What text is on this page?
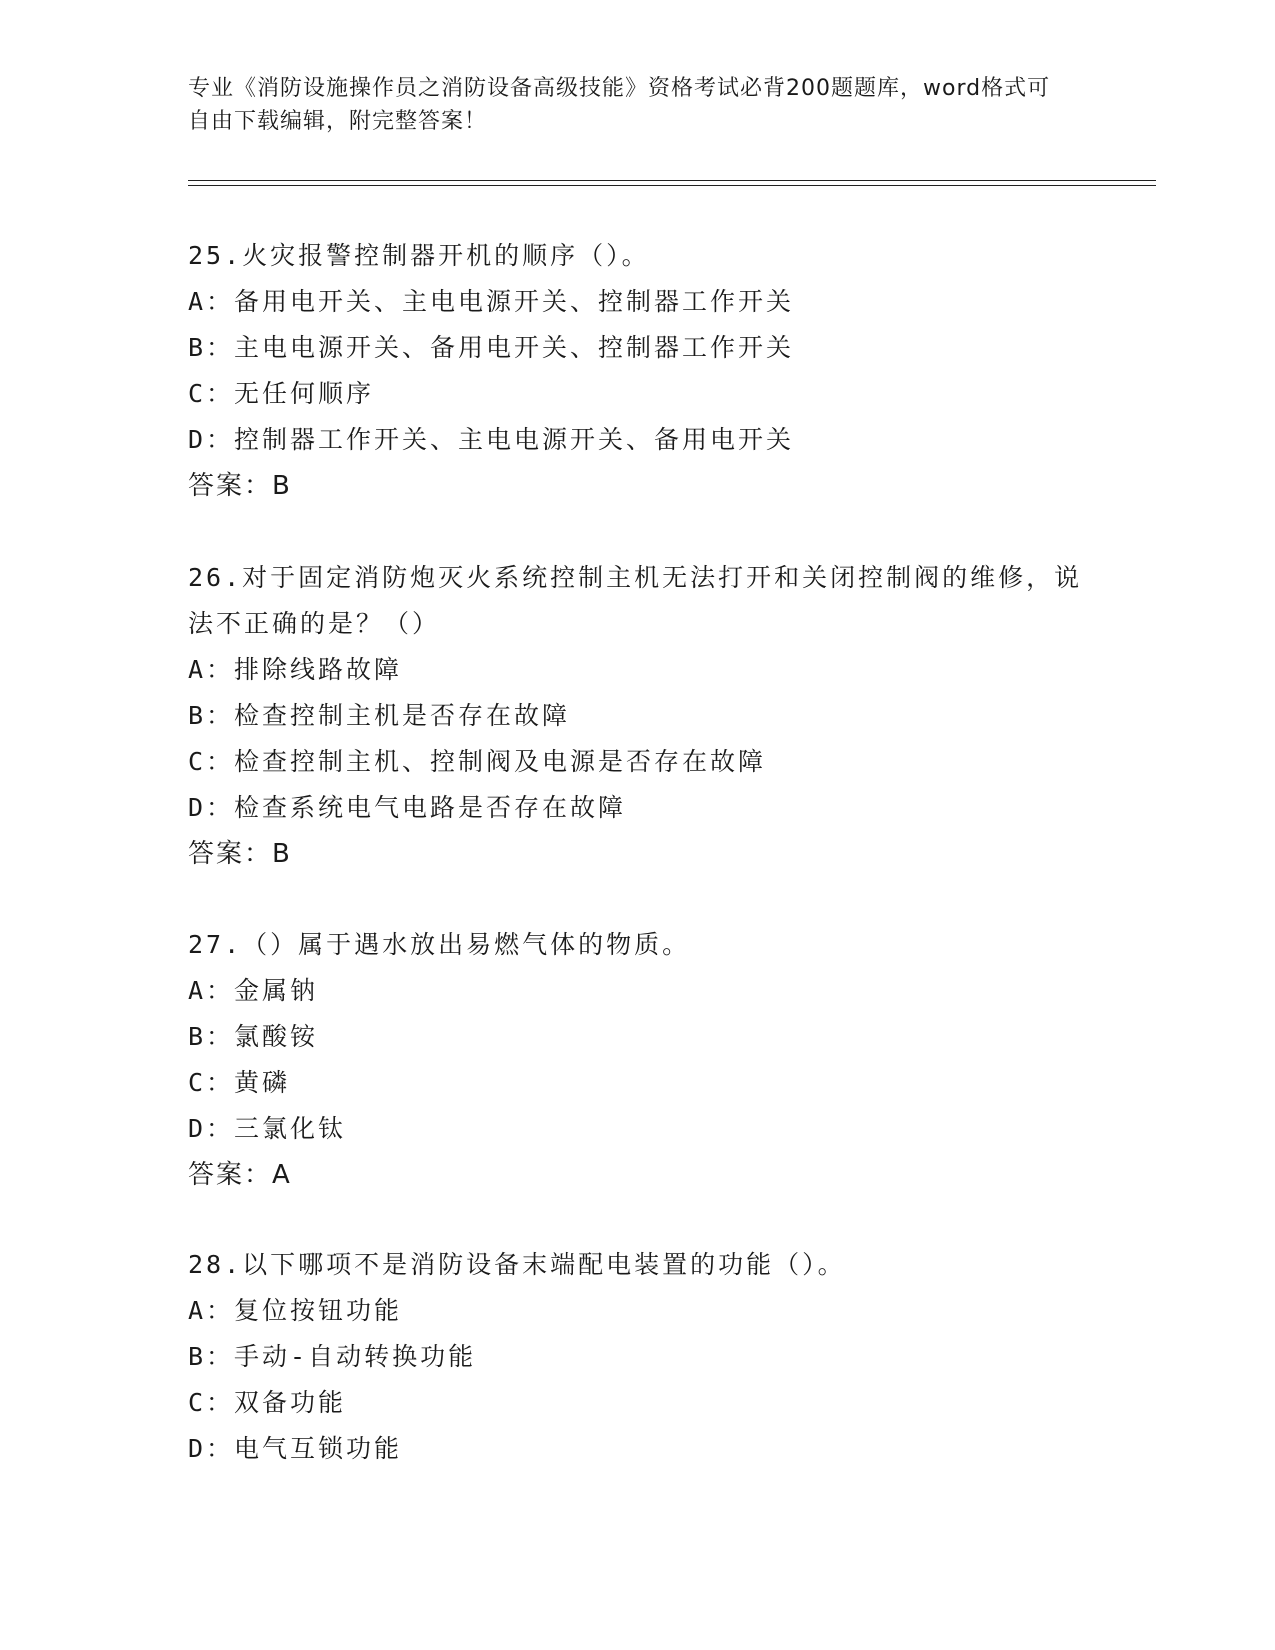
专业《消防设施操作员之消防设备高级技能》资格考试必背200题题库，word格式可自由下载编辑，附完整答案！
25.火灾报警控制器开机的顺序（）。
A：备用电开关、主电电源开关、控制器工作开关
B：主电电源开关、备用电开关、控制器工作开关
C：无任何顺序
D：控制器工作开关、主电电源开关、备用电开关
答案：B
26.对于固定消防炮灭火系统控制主机无法打开和关闭控制阀的维修，说法不正确的是？（）
A：排除线路故障
B：检查控制主机是否存在故障
C：检查控制主机、控制阀及电源是否存在故障
D：检查系统电气电路是否存在故障
答案：B
27.（）属于遇水放出易燃气体的物质。
A：金属钠
B：氯酸铵
C：黄磷
D：三氯化钛
答案：A
28.以下哪项不是消防设备末端配电装置的功能（）。
A：复位按钮功能
B：手动-自动转换功能
C：双备功能
D：电气互锁功能
